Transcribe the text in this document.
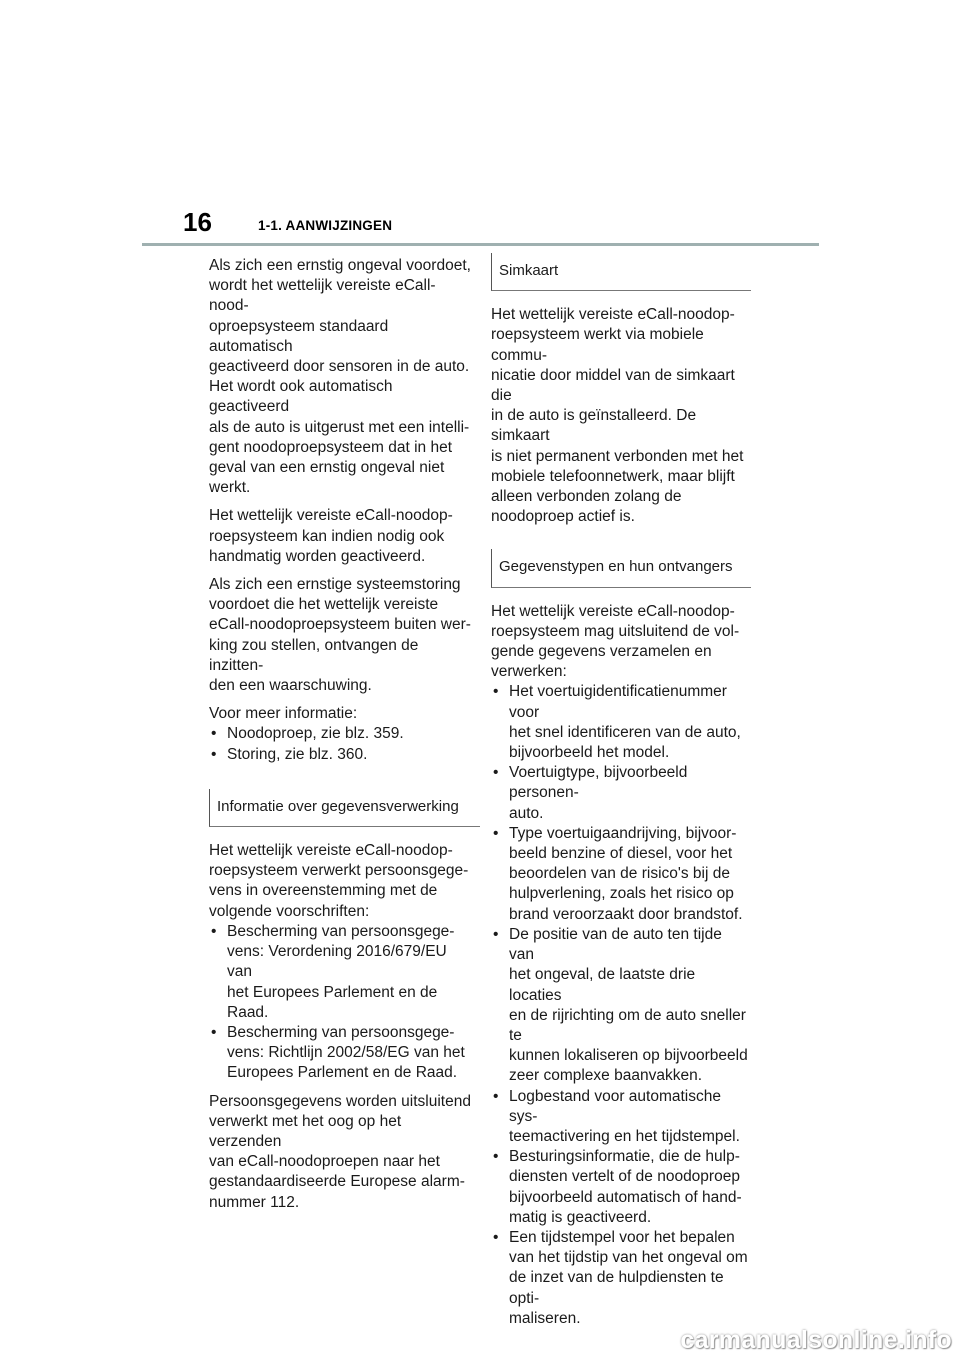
16	1-1. AANWIJZINGEN

Als zich een ernstig ongeval voordoet,
wordt het wettelijk vereiste eCall-nood-
oproepsysteem standaard automatisch
geactiveerd door sensoren in de auto.
Het wordt ook automatisch geactiveerd
als de auto is uitgerust met een intelli-
gent noodoproepsysteem dat in het
geval van een ernstig ongeval niet
werkt.

Het wettelijk vereiste eCall-noodop-
roepsysteem kan indien nodig ook
handmatig worden geactiveerd.

Als zich een ernstige systeemstoring
voordoet die het wettelijk vereiste
eCall-noodoproepsysteem buiten wer-
king zou stellen, ontvangen de inzitten-
den een waarschuwing.

Voor meer informatie:

• Noodoproep, zie blz. 359.
• Storing, zie blz. 360.
Informatie over gegevensverwerking

Het wettelijk vereiste eCall-noodop-
roepsysteem verwerkt persoonsgege-
vens in overeenstemming met de
volgende voorschriften:

• Bescherming van persoonsgege-
vens: Verordening 2016/679/EU van
het Europees Parlement en de
Raad.
• Bescherming van persoonsgege-
vens: Richtlijn 2002/58/EG van het
Europees Parlement en de Raad.

Persoonsgegevens worden uitsluitend
verwerkt met het oog op het verzenden
van eCall-noodoproepen naar het
gestandaardiseerde Europese alarm-
nummer 112.

Simkaart

Het wettelijk vereiste eCall-noodop-
roepsysteem werkt via mobiele commu-
nicatie door middel van de simkaart die
in de auto is geïnstalleerd. De simkaart
is niet permanent verbonden met het
mobiele telefoonnetwerk, maar blijft
alleen verbonden zolang de
noodoproep actief is.

Gegevenstypen en hun ontvangers

Het wettelijk vereiste eCall-noodop-
roepsysteem mag uitsluitend de vol-
gende gegevens verzamelen en
verwerken:

• Het voertuigidentificatienummer voor
het snel identificeren van de auto,
bijvoorbeeld het model.
• Voertuigtype, bijvoorbeeld personen-
auto.
• Type voertuigaandrijving, bijvoor-
beeld benzine of diesel, voor het
beoordelen van de risico's bij de
hulpverlening, zoals het risico op
brand veroorzaakt door brandstof.
• De positie van de auto ten tijde van
het ongeval, de laatste drie locaties
en de rijrichting om de auto sneller te
kunnen lokaliseren op bijvoorbeeld
zeer complexe baanvakken.
• Logbestand voor automatische sys-
teemactivering en het tijdstempel.
• Besturingsinformatie, die de hulp-
diensten vertelt of de noodoproep
bijvoorbeeld automatisch of hand-
matig is geactiveerd.
• Een tijdstempel voor het bepalen
van het tijdstip van het ongeval om
de inzet van de hulpdiensten te opti-
maliseren.
carmanualsonline.info
